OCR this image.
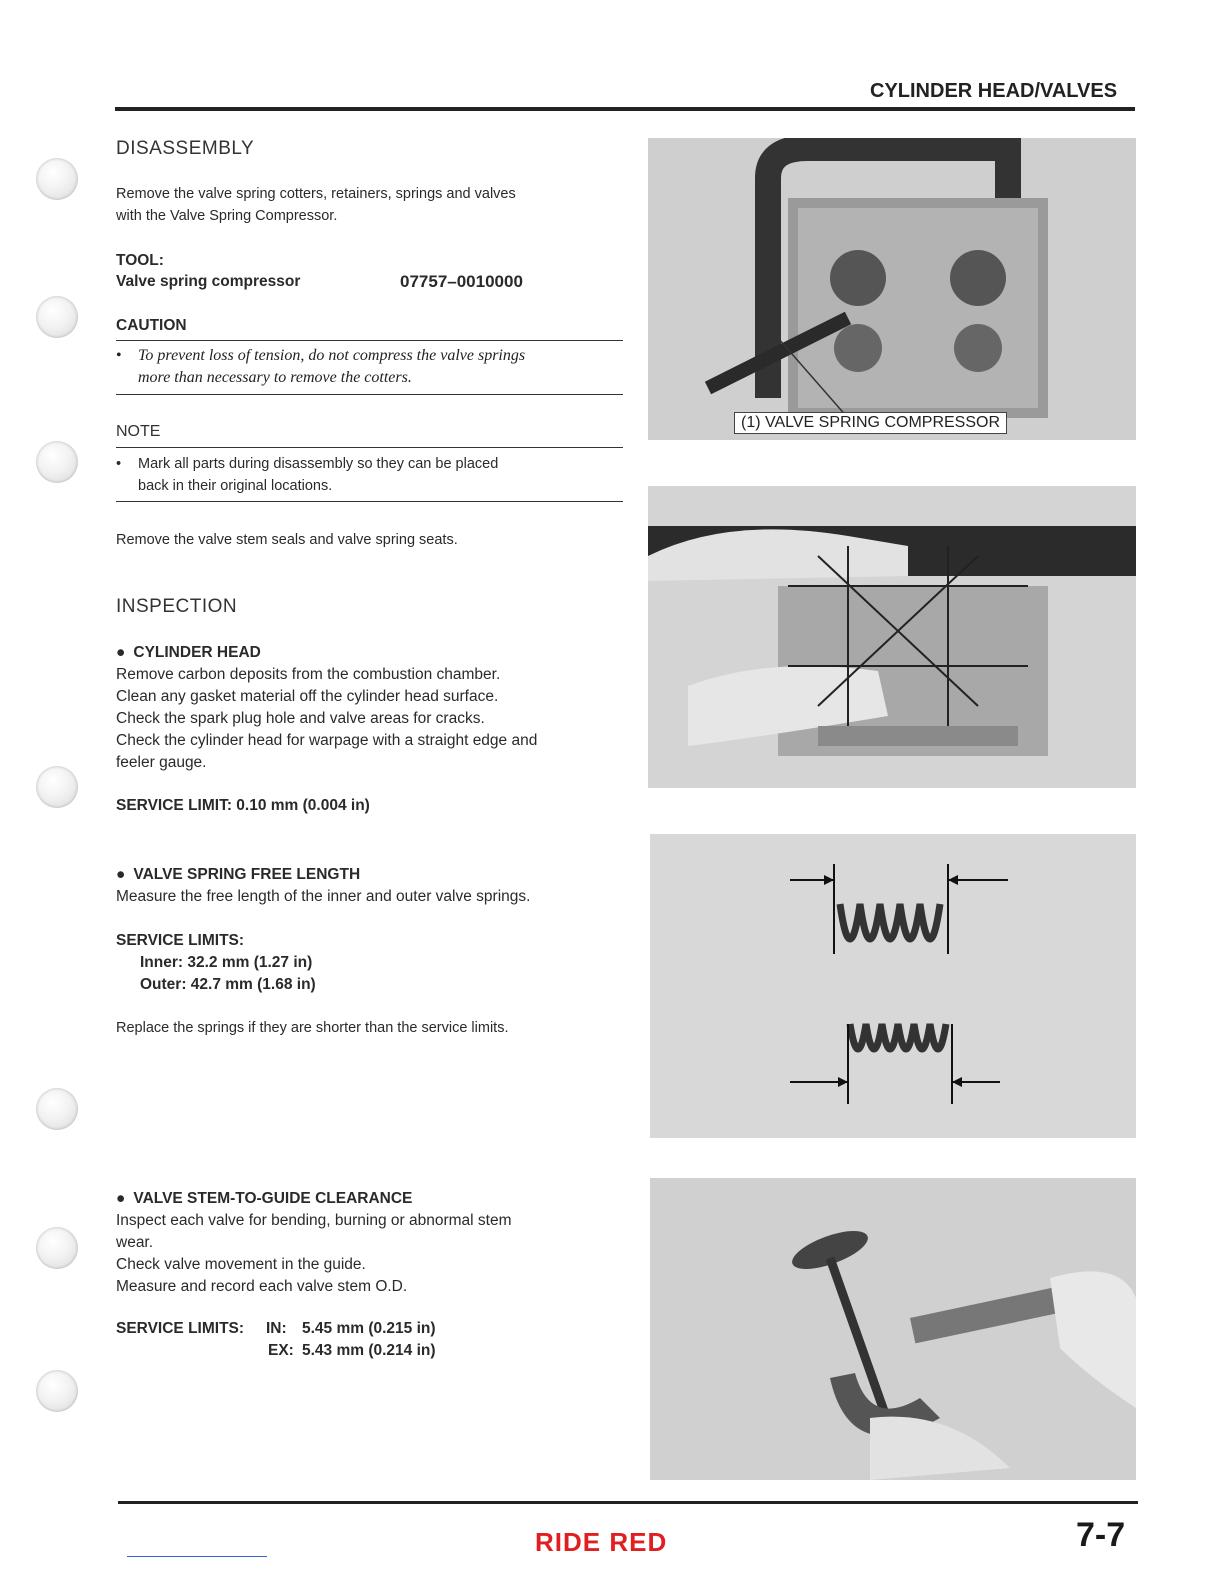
CYLINDER HEAD/VALVES
DISASSEMBLY
Remove the valve spring cotters, retainers, springs and valves
with the Valve Spring Compressor.
TOOL:
Valve spring compressor	07757–0010000
CAUTION
• To prevent loss of tension, do not compress the valve springs
more than necessary to remove the cotters.
NOTE
• Mark all parts during disassembly so they can be placed
back in their original locations.
Remove the valve stem seals and valve spring seats.
INSPECTION
● CYLINDER HEAD
Remove carbon deposits from the combustion chamber.
Clean any gasket material off the cylinder head surface.
Check the spark plug hole and valve areas for cracks.
Check the cylinder head for warpage with a straight edge and
feeler gauge.
SERVICE LIMIT: 0.10 mm (0.004 in)
● VALVE SPRING FREE LENGTH
Measure the free length of the inner and outer valve springs.
SERVICE LIMITS:
Inner: 32.2 mm (1.27 in)
Outer: 42.7 mm (1.68 in)
Replace the springs if they are shorter than the service limits.
● VALVE STEM-TO-GUIDE CLEARANCE
Inspect each valve for bending, burning or abnormal stem
wear.
Check valve movement in the guide.
Measure and record each valve stem O.D.
SERVICE LIMITS: IN: 5.45 mm (0.215 in)
EX: 5.43 mm (0.214 in)
(1) VALVE SPRING COMPRESSOR
RIDE RED	7-7
